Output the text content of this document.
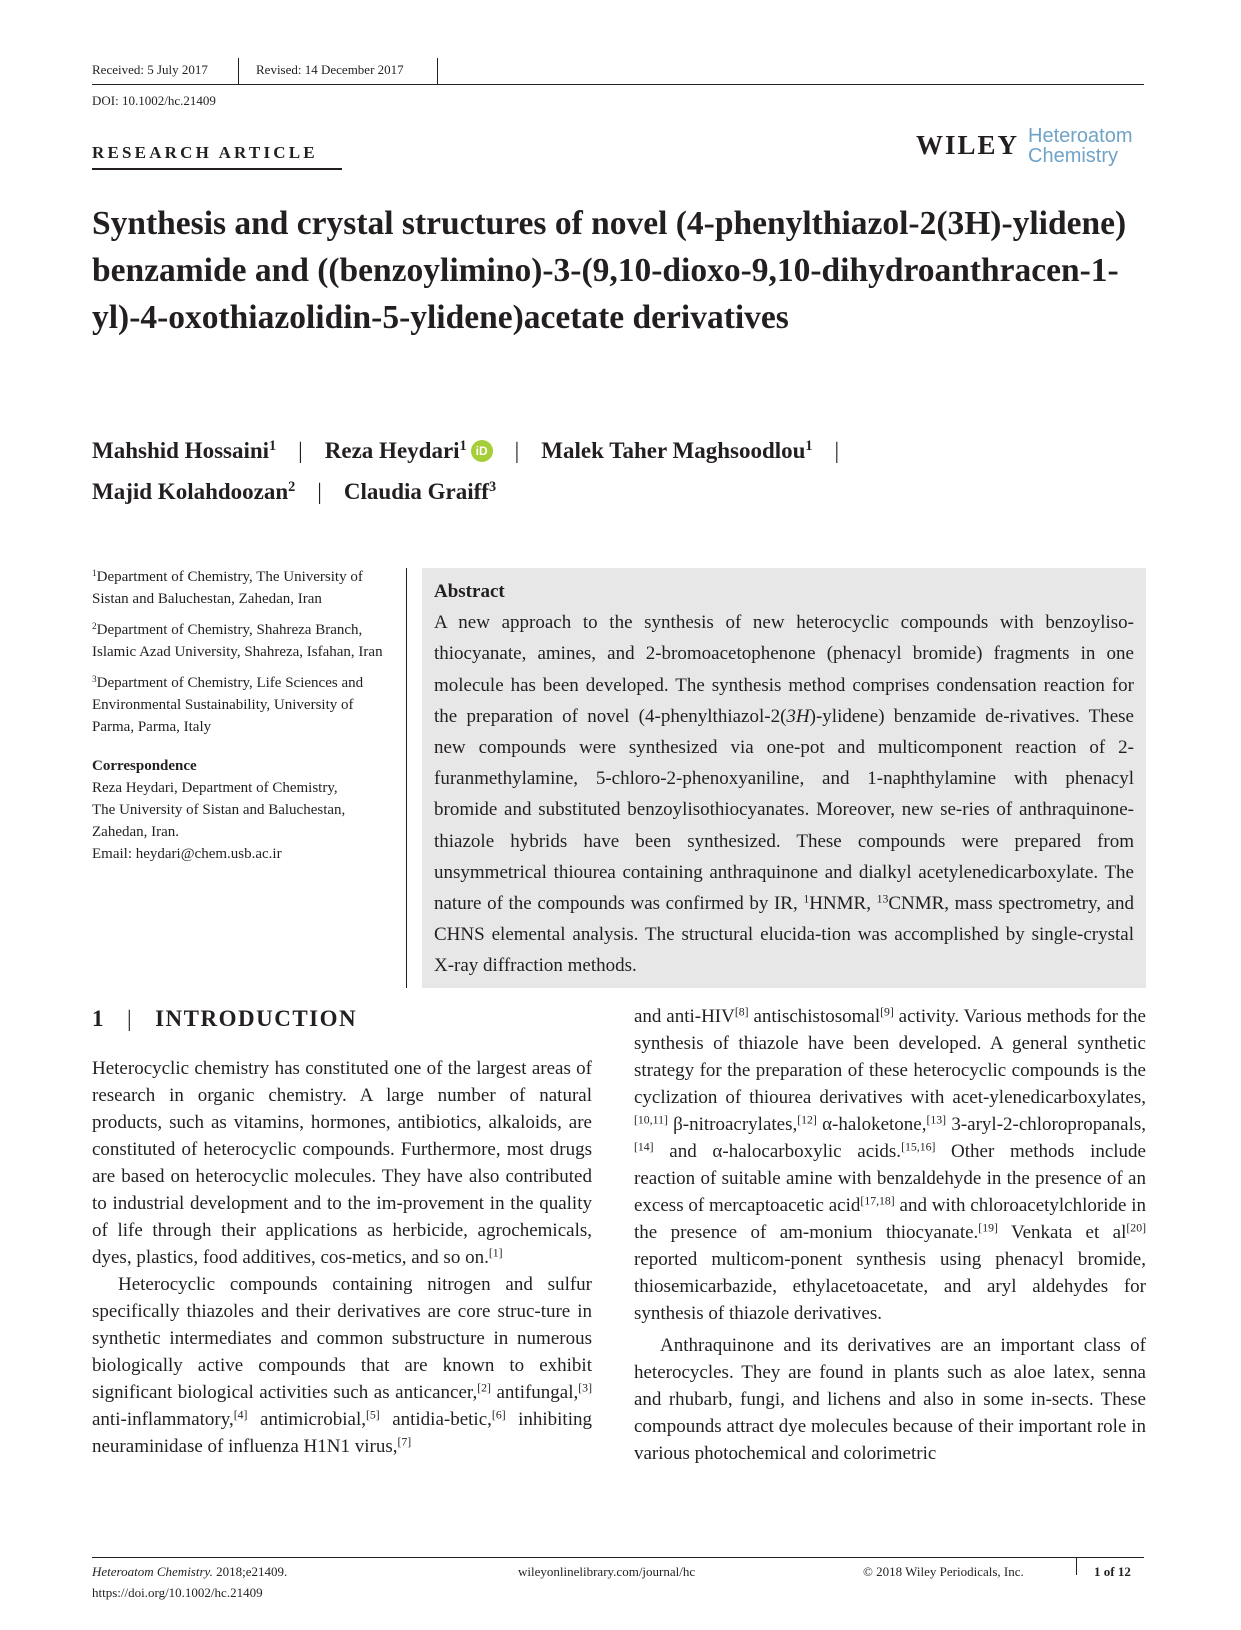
Received: 5 July 2017	Revised: 14 December 2017
DOI: 10.1002/hc.21409
RESEARCH ARTICLE	WILEY Heteroatom
Chemistry
Synthesis and crystal structures of novel (4-phenylthiazol-2(3H)-ylidene) benzamide and ((benzoylimino)-3-(9,10-dioxo-9,10-dihydroanthracen-1-yl)-4-oxothiazolidin-5-ylidene)acetate derivatives
Mahshid Hossaini$^1$ | Reza Heydari$^1$ iD | Malek Taher Maghsoodlou$^1$ |
Majid Kolahdoozan$^2$ | Claudia Graiff$^3$

$^1$Department of Chemistry, The University of Sistan and Baluchestan, Zahedan, Iran

$^2$Department of Chemistry, Shahreza Branch, Islamic Azad University, Shahreza, Isfahan, Iran

$^3$Department of Chemistry, Life Sciences and Environmental Sustainability, University of Parma, Parma, Italy

Correspondence
Reza Heydari, Department of Chemistry,
The University of Sistan and Baluchestan,
Zahedan, Iran.
Email: heydari@chem.usb.ac.ir
Abstract
A new approach to the synthesis of new heterocyclic compounds with benzoyliso-thiocyanate, amines, and 2-bromoacetophenone (phenacyl bromide) fragments in one molecule has been developed. The synthesis method comprises condensation reaction for the preparation of novel (4-phenylthiazol-2(3H)-ylidene) benzamide de-rivatives. These new compounds were synthesized via one-pot and multicomponent reaction of 2-furanmethylamine, 5-chloro-2-phenoxyaniline, and 1-naphthylamine with phenacyl bromide and substituted benzoylisothiocyanates. Moreover, new se-ries of anthraquinone-thiazole hybrids have been synthesized. These compounds were prepared from unsymmetrical thiourea containing anthraquinone and dialkyl acetylenedicarboxylate. The nature of the compounds was confirmed by IR, $^1$HNMR, $^{13}$CNMR, mass spectrometry, and CHNS elemental analysis. The structural elucida-tion was accomplished by single-crystal X-ray diffraction methods.
1 | INTRODUCTION

Heterocyclic chemistry has constituted one of the largest areas of research in organic chemistry. A large number of natural products, such as vitamins, hormones, antibiotics, alkaloids, are constituted of heterocyclic compounds. Furthermore, most drugs are based on heterocyclic molecules. They have also contributed to industrial development and to the im-provement in the quality of life through their applications as herbicide, agrochemicals, dyes, plastics, food additives, cos-metics, and so on.[1]

Heterocyclic compounds containing nitrogen and sulfur specifically thiazoles and their derivatives are core struc-ture in synthetic intermediates and common substructure in numerous biologically active compounds that are known to exhibit significant biological activities such as anticancer,[2] antifungal,[3] anti-inflammatory,[4] antimicrobial,[5] antidia-betic,[6] inhibiting neuraminidase of influenza H1N1 virus,[7]

and anti-HIV[8] antischistosomal[9] activity. Various methods for the synthesis of thiazole have been developed. A general synthetic strategy for the preparation of these heterocyclic compounds is the cyclization of thiourea derivatives with acet-ylenedicarboxylates,[10,11] β-nitroacrylates,[12] α-haloketone,[13] 3-aryl-2-chloropropanals,[14] and α-halocarboxylic acids.[15,16] Other methods include reaction of suitable amine with benzaldehyde in the presence of an excess of mercaptoacetic acid[17,18] and with chloroacetylchloride in the presence of am-monium thiocyanate.[19] Venkata et al[20] reported multicom-ponent synthesis using phenacyl bromide, thiosemicarbazide, ethylacetoacetate, and aryl aldehydes for synthesis of thiazole derivatives.

Anthraquinone and its derivatives are an important class of heterocycles. They are found in plants such as aloe latex, senna and rhubarb, fungi, and lichens and also in some in-sects. These compounds attract dye molecules because of their important role in various photochemical and colorimetric

Heteroatom Chemistry. 2018;e21409.
https://doi.org/10.1002/hc.21409
wileyonlinelibrary.com/journal/hc	© 2018 Wiley Periodicals, Inc.	1 of 12
